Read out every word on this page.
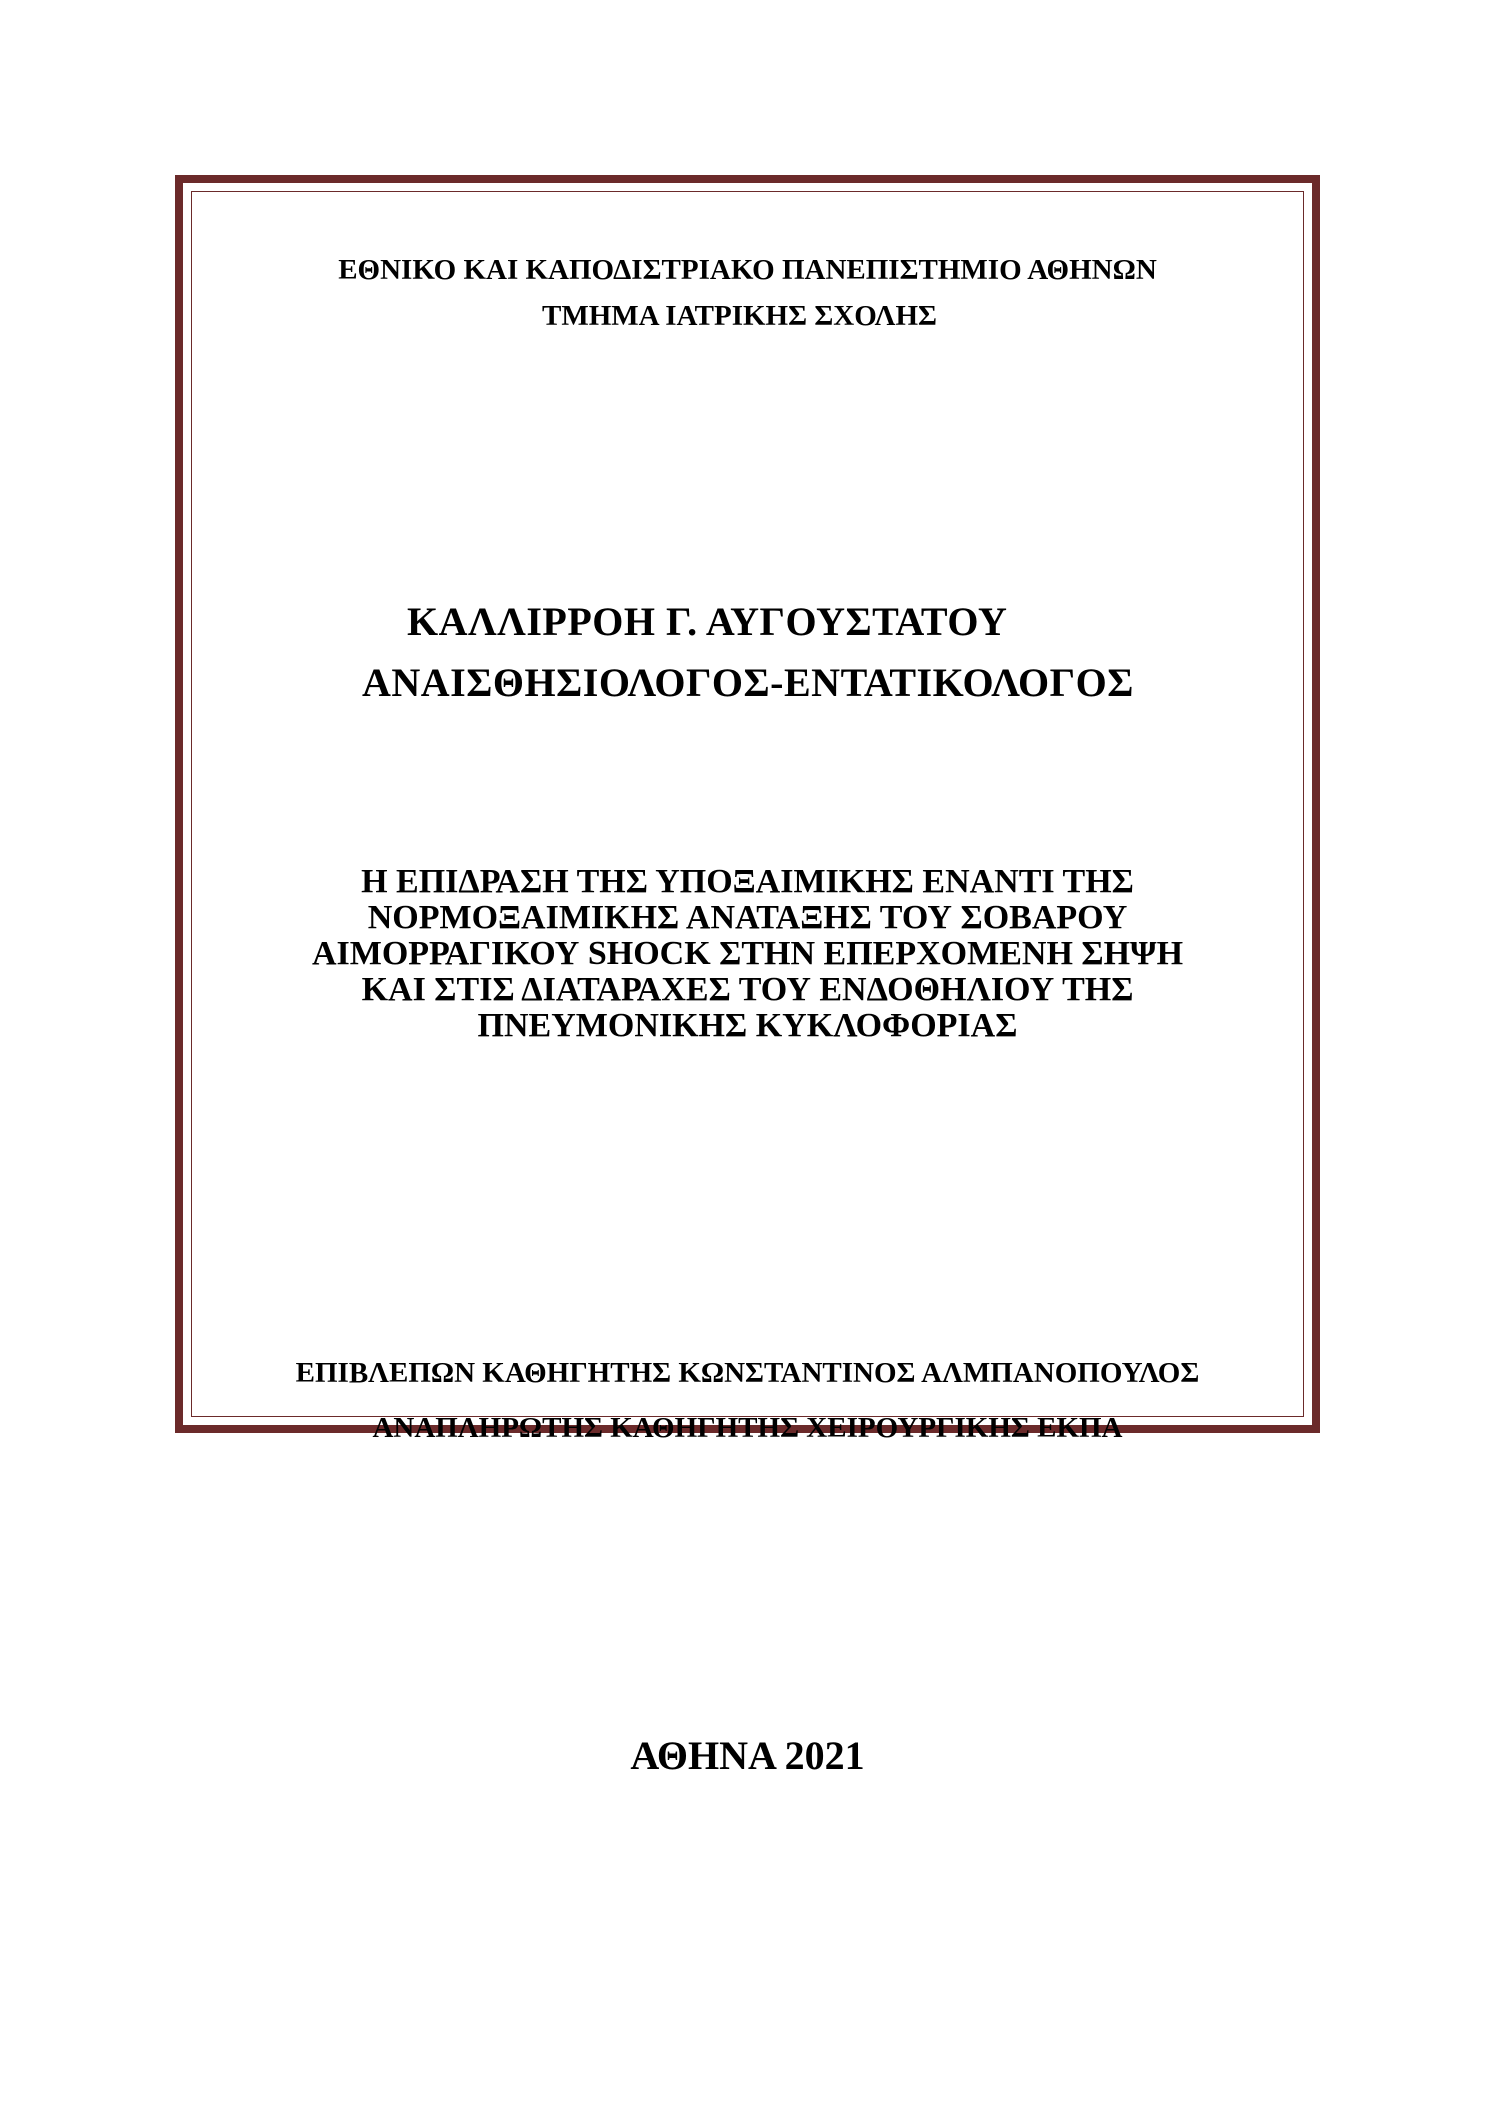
ΕΘΝΙΚΟ ΚΑΙ ΚΑΠΟΔΙΣΤΡΙΑΚΟ ΠΑΝΕΠΙΣΤΗΜΙΟ ΑΘΗΝΩΝ
ΤΜΗΜΑ ΙΑΤΡΙΚΗΣ ΣΧΟΛΗΣ
ΚΑΛΛΙΡΡΟΗ Γ. ΑΥΓΟΥΣΤΑΤΟΥ
ΑΝΑΙΣΘΗΣΙΟΛΟΓΟΣ-ΕΝΤΑΤΙΚΟΛΟΓΟΣ
Η ΕΠΙΔΡΑΣΗ ΤΗΣ ΥΠΟΞΑΙΜΙΚΗΣ ΕΝΑΝΤΙ ΤΗΣ
ΝΟΡΜΟΞΑΙΜΙΚΗΣ ΑΝΑΤΑΞΗΣ ΤΟΥ ΣΟΒΑΡΟΥ
ΑΙΜΟΡΡΑΓΙΚΟΥ SHOCK ΣΤΗΝ ΕΠΕΡΧΟΜΕΝΗ ΣΗΨΗ
ΚΑΙ ΣΤΙΣ ΔΙΑΤΑΡΑΧΕΣ ΤΟΥ ΕΝΔΟΘΗΛΙΟΥ ΤΗΣ
ΠΝΕΥΜΟΝΙΚΗΣ ΚΥΚΛΟΦΟΡΙΑΣ
ΕΠΙΒΛΕΠΩΝ ΚΑΘΗΓΗΤΗΣ ΚΩΝΣΤΑΝΤΙΝΟΣ ΑΛΜΠΑΝΟΠΟΥΛΟΣ
ΑΝΑΠΛΗΡΩΤΗΣ ΚΑΘΗΓΗΤΗΣ ΧΕΙΡΟΥΡΓΙΚΗΣ ΕΚΠΑ
ΑΘΗΝΑ 2021
